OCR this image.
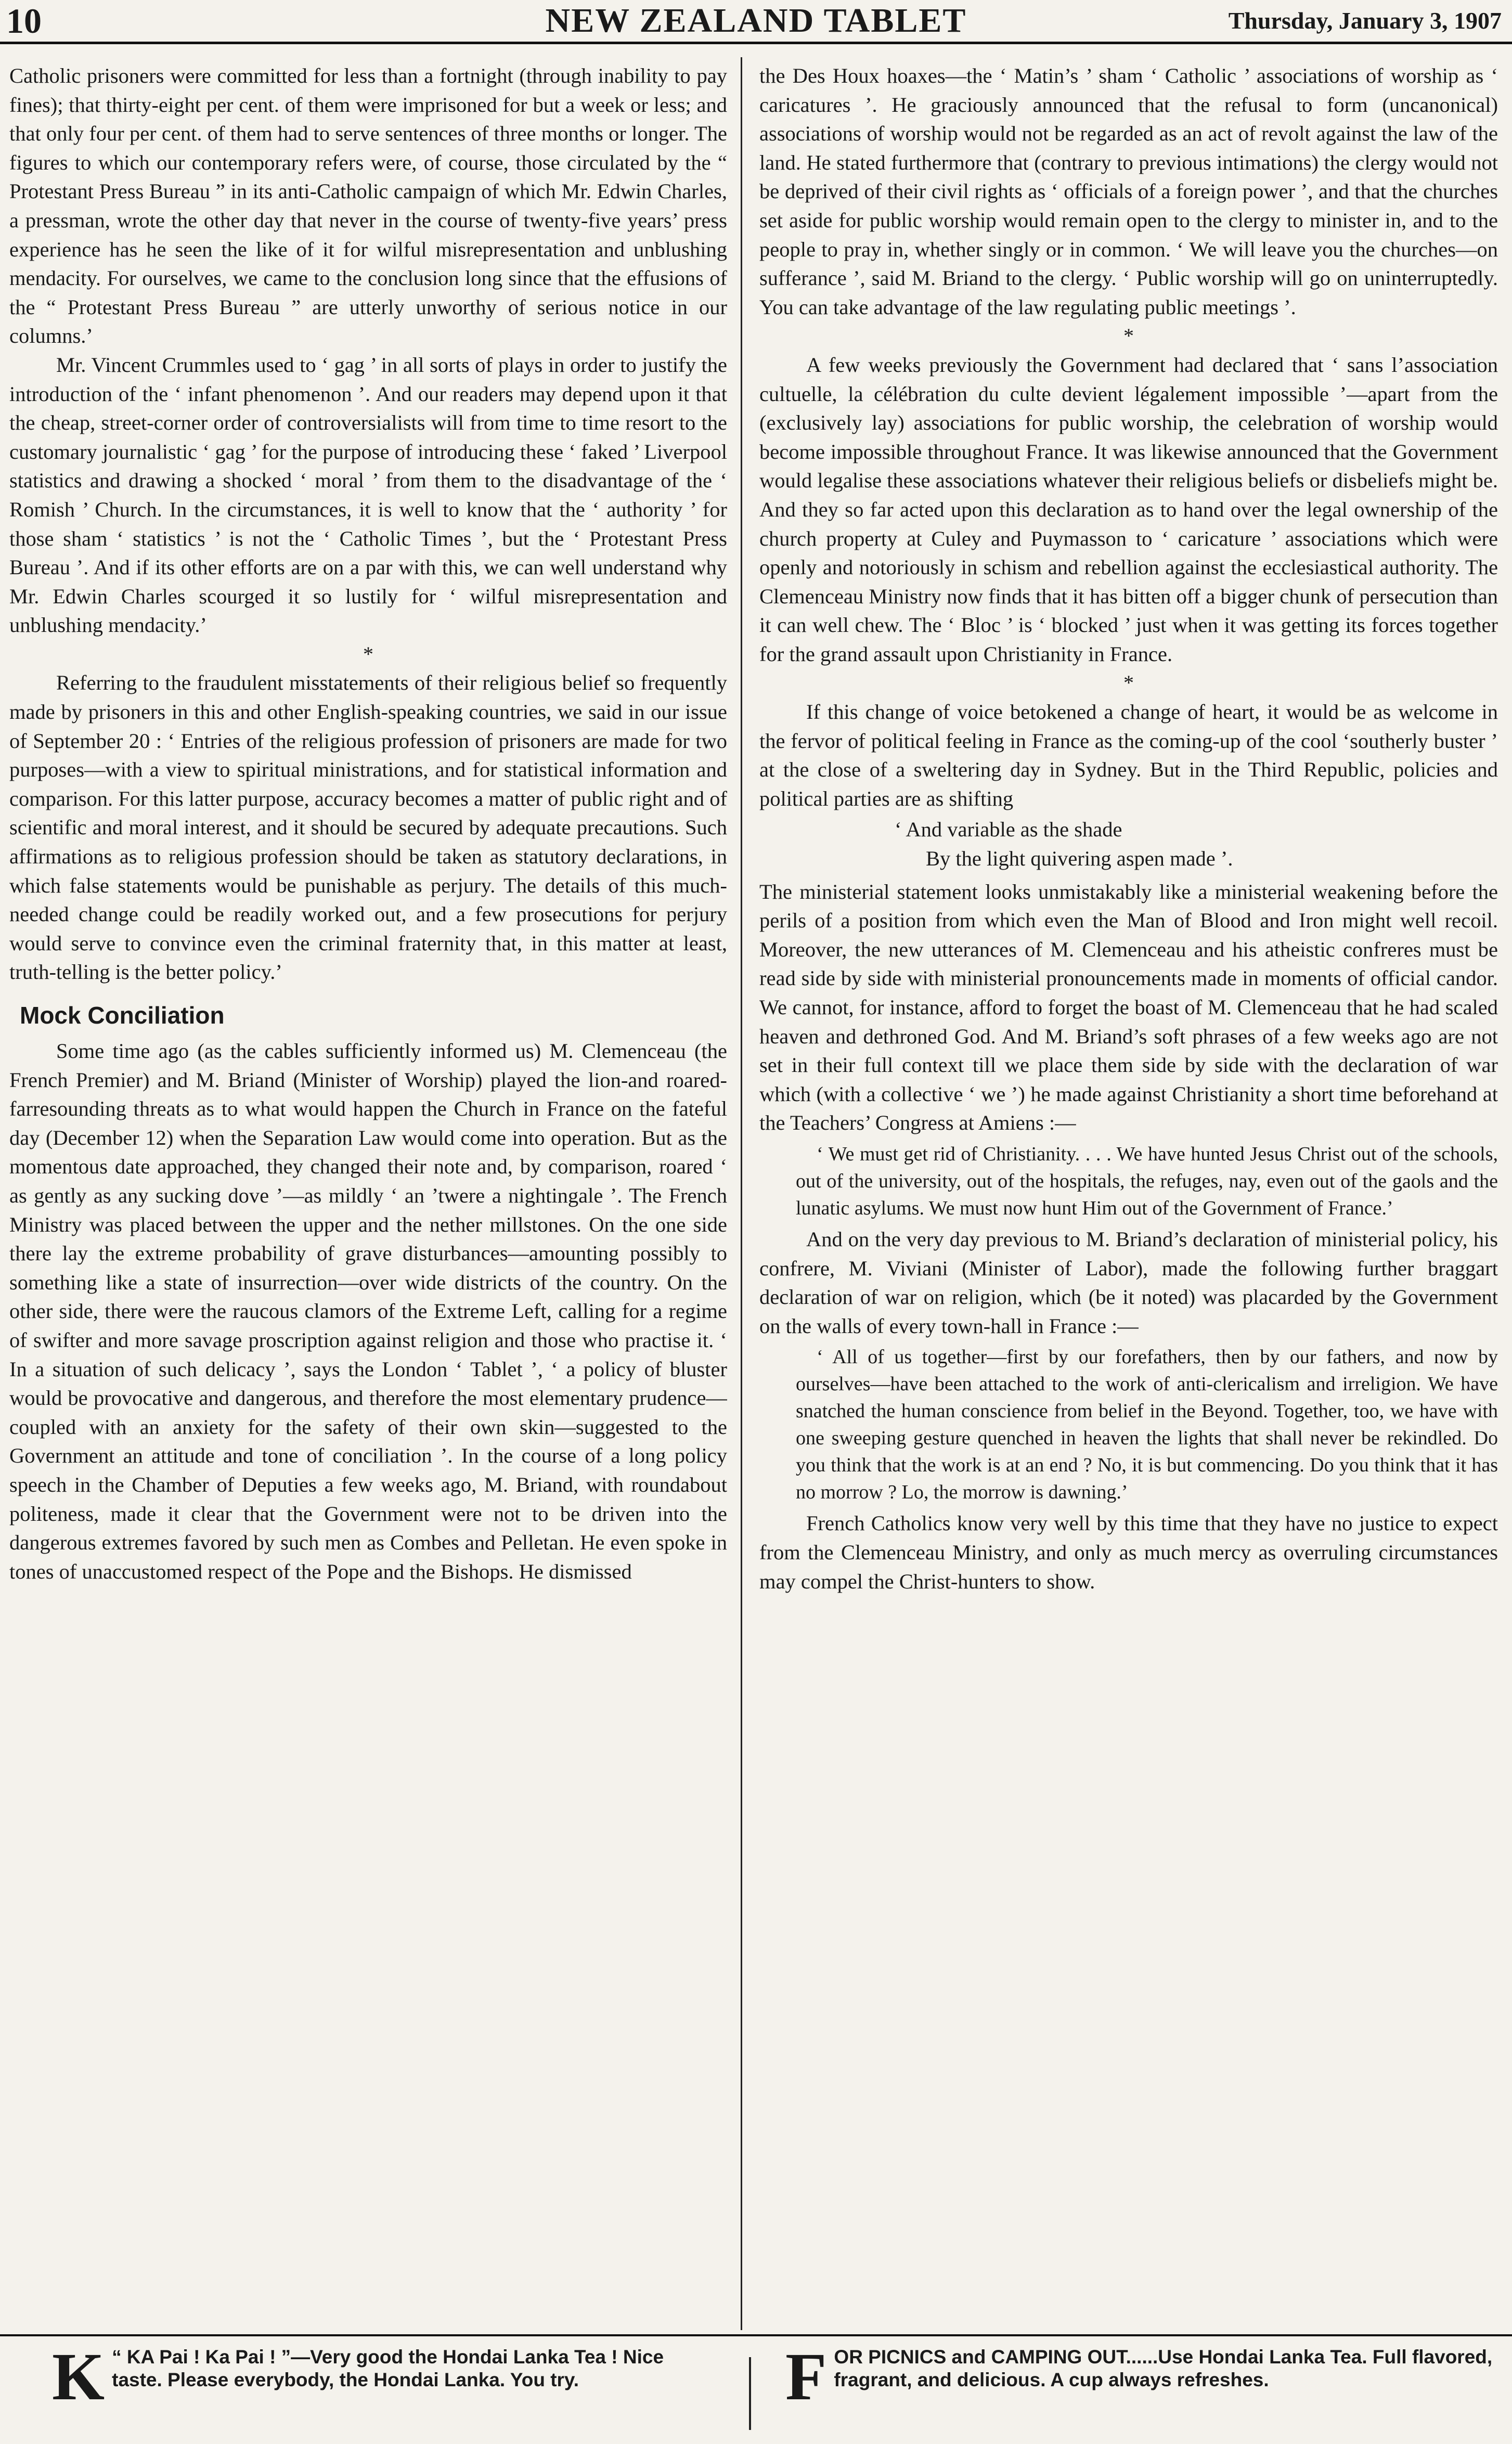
10	NEW ZEALAND TABLET	Thursday, January 3, 1907

Catholic prisoners were committed for less than a fortnight (through inability to pay fines); that thirty-eight per cent. of them were imprisoned for but a week or less; and that only four per cent. of them had to serve sentences of three months or longer. The figures to which our contemporary refers were, of course, those circulated by the “ Protestant Press Bureau ” in its anti-Catholic campaign of which Mr. Edwin Charles, a pressman, wrote the other day that never in the course of twenty-five years’ press experience has he seen the like of it for wilful misrepresentation and unblushing mendacity. For ourselves, we came to the conclusion long since that the effusions of the “ Protestant Press Bureau ” are utterly unworthy of serious notice in our columns.’

Mr. Vincent Crummles used to ‘ gag ’ in all sorts of plays in order to justify the introduction of the ‘ infant phenomenon ’. And our readers may depend upon it that the cheap, street-corner order of controversialists will from time to time resort to the customary journalistic ‘ gag ’ for the purpose of introducing these ‘ faked ’ Liverpool statistics and drawing a shocked ‘ moral ’ from them to the disadvantage of the ‘ Romish ’ Church. In the circumstances, it is well to know that the ‘ authority ’ for those sham ‘ statistics ’ is not the ‘ Catholic Times ’, but the ‘ Protestant Press Bureau ’. And if its other efforts are on a par with this, we can well understand why Mr. Edwin Charles scourged it so lustily for ‘ wilful misrepresentation and unblushing mendacity.’

*

Referring to the fraudulent misstatements of their religious belief so frequently made by prisoners in this and other English-speaking countries, we said in our issue of September 20 : ‘ Entries of the religious profession of prisoners are made for two purposes—with a view to spiritual ministrations, and for statistical information and comparison. For this latter purpose, accuracy becomes a matter of public right and of scientific and moral interest, and it should be secured by adequate precautions. Such affirmations as to religious profession should be taken as statutory declarations, in which false statements would be punishable as perjury. The details of this much-needed change could be readily worked out, and a few prosecutions for perjury would serve to convince even the criminal fraternity that, in this matter at least, truth-telling is the better policy.’

Mock Conciliation

Some time ago (as the cables sufficiently informed us) M. Clemenceau (the French Premier) and M. Briand (Minister of Worship) played the lion-and roared-farresounding threats as to what would happen the Church in France on the fateful day (December 12) when the Separation Law would come into operation. But as the momentous date approached, they changed their note and, by comparison, roared ‘ as gently as any sucking dove ’—as mildly ‘ an ’twere a nightingale ’. The French Ministry was placed between the upper and the nether millstones. On the one side there lay the extreme probability of grave disturbances—amounting possibly to something like a state of insurrection—over wide districts of the country. On the other side, there were the raucous clamors of the Extreme Left, calling for a regime of swifter and more savage proscription against religion and those who practise it. ‘ In a situation of such delicacy ’, says the London ‘ Tablet ’, ‘ a policy of bluster would be provocative and dangerous, and therefore the most elementary prudence—coupled with an anxiety for the safety of their own skin—suggested to the Government an attitude and tone of conciliation ’. In the course of a long policy speech in the Chamber of Deputies a few weeks ago, M. Briand, with roundabout politeness, made it clear that the Government were not to be driven into the dangerous extremes favored by such men as Combes and Pelletan. He even spoke in tones of unaccustomed respect of the Pope and the Bishops. He dismissed

the Des Houx hoaxes—the ‘ Matin’s ’ sham ‘ Catholic ’ associations of worship as ‘ caricatures ’. He graciously announced that the refusal to form (uncanonical) associations of worship would not be regarded as an act of revolt against the law of the land. He stated furthermore that (contrary to previous intimations) the clergy would not be deprived of their civil rights as ‘ officials of a foreign power ’, and that the churches set aside for public worship would remain open to the clergy to minister in, and to the people to pray in, whether singly or in common. ‘ We will leave you the churches—on sufferance ’, said M. Briand to the clergy. ‘ Public worship will go on uninterruptedly. You can take advantage of the law regulating public meetings ’.

*

A few weeks previously the Government had declared that ‘ sans l’association cultuelle, la célébration du culte devient légalement impossible ’—apart from the (exclusively lay) associations for public worship, the celebration of worship would become impossible throughout France. It was likewise announced that the Government would legalise these associations whatever their religious beliefs or disbeliefs might be. And they so far acted upon this declaration as to hand over the legal ownership of the church property at Culey and Puymasson to ‘ caricature ’ associations which were openly and notoriously in schism and rebellion against the ecclesiastical authority. The Clemenceau Ministry now finds that it has bitten off a bigger chunk of persecution than it can well chew. The ‘ Bloc ’ is ‘ blocked ’ just when it was getting its forces together for the grand assault upon Christianity in France.

*

If this change of voice betokened a change of heart, it would be as welcome in the fervor of political feeling in France as the coming-up of the cool ‘southerly buster ’ at the close of a sweltering day in Sydney. But in the Third Republic, policies and political parties are as shifting

‘ And variable as the shade
By the light quivering aspen made ’.

The ministerial statement looks unmistakably like a ministerial weakening before the perils of a position from which even the Man of Blood and Iron might well recoil. Moreover, the new utterances of M. Clemenceau and his atheistic confreres must be read side by side with ministerial pronouncements made in moments of official candor. We cannot, for instance, afford to forget the boast of M. Clemenceau that he had scaled heaven and dethroned God. And M. Briand’s soft phrases of a few weeks ago are not set in their full context till we place them side by side with the declaration of war which (with a collective ‘ we ’) he made against Christianity a short time beforehand at the Teachers’ Congress at Amiens :—

‘ We must get rid of Christianity. . . . We have hunted Jesus Christ out of the schools, out of the university, out of the hospitals, the refuges, nay, even out of the gaols and the lunatic asylums. We must now hunt Him out of the Government of France.’

And on the very day previous to M. Briand’s declaration of ministerial policy, his confrere, M. Viviani (Minister of Labor), made the following further braggart declaration of war on religion, which (be it noted) was placarded by the Government on the walls of every town-hall in France :—

‘ All of us together—first by our forefathers, then by our fathers, and now by ourselves—have been attached to the work of anti-clericalism and irreligion. We have snatched the human conscience from belief in the Beyond. Together, too, we have with one sweeping gesture quenched in heaven the lights that shall never be rekindled. Do you think that the work is at an end ? No, it is but commencing. Do you think that it has no morrow ? Lo, the morrow is dawning.’

French Catholics know very well by this time that they have no justice to expect from the Clemenceau Ministry, and only as much mercy as overruling circumstances may compel the Christ-hunters to show.

K “ KA Pai ! Ka Pai ! ”—Very good the Hondai Lanka Tea ! Nice taste. Please everybody, the Hondai Lanka. You try.	F OR PICNICS and CAMPING OUT......Use Hondai Lanka Tea. Full flavored, fragrant, and delicious. A cup always refreshes.
